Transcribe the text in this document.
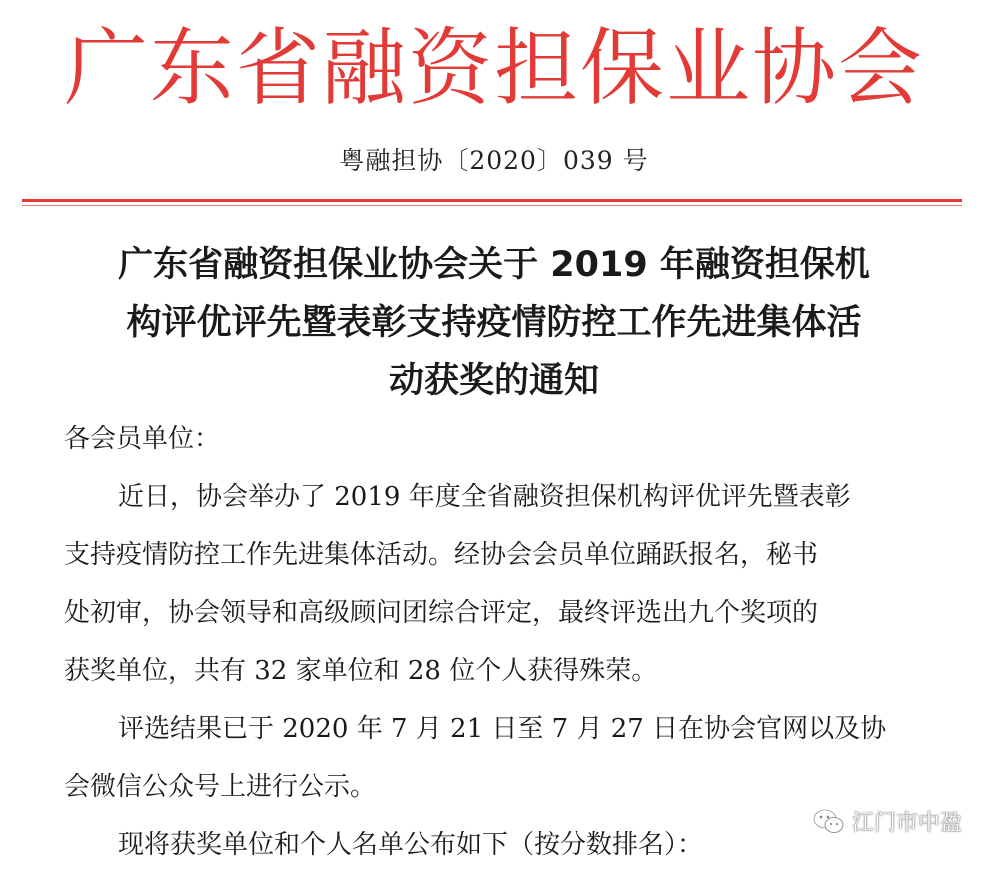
广东省融资担保业协会
粤融担协〔2020〕039 号
广东省融资担保业协会关于 2019 年融资担保机
构评优评先暨表彰支持疫情防控工作先进集体活
动获奖的通知
各会员单位：
近日，协会举办了 2019 年度全省融资担保机构评优评先暨表彰
支持疫情防控工作先进集体活动。经协会会员单位踊跃报名，秘书
处初审，协会领导和高级顾问团综合评定，最终评选出九个奖项的
获奖单位，共有 32 家单位和 28 位个人获得殊荣。
评选结果已于 2020 年 7 月 21 日至 7 月 27 日在协会官网以及协
会微信公众号上进行公示。
现将获奖单位和个人名单公布如下（按分数排名）：
江门市中盈
